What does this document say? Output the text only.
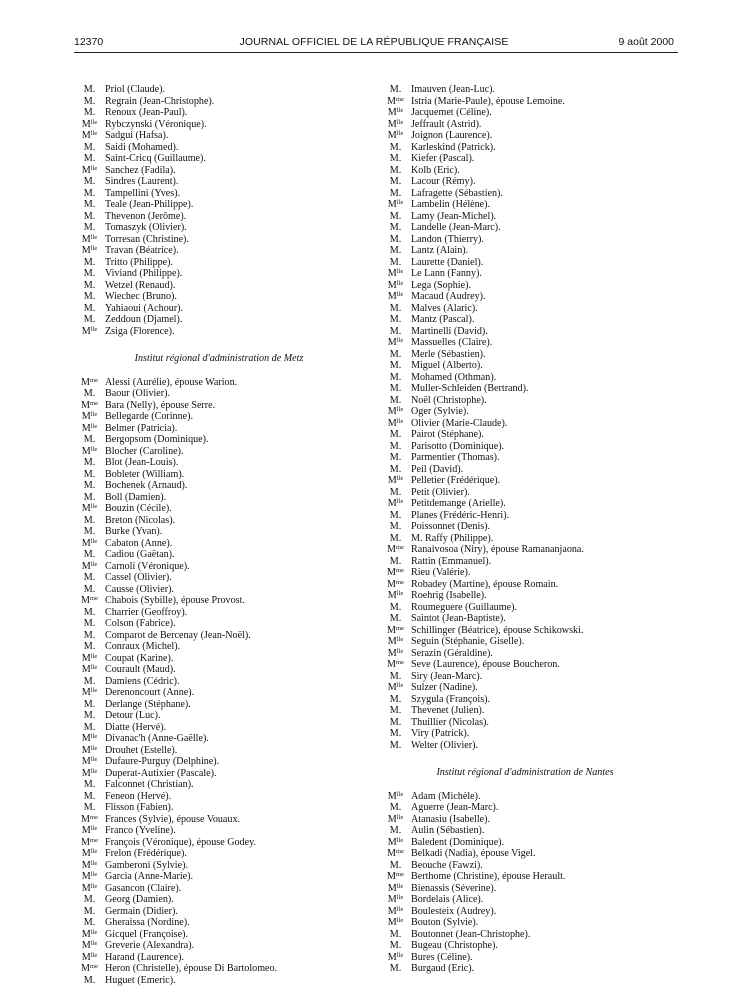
12370	JOURNAL OFFICIEL DE LA RÉPUBLIQUE FRANÇAISE	9 août 2000
M. Priol (Claude).
M. Regrain (Jean-Christophe).
M. Renoux (Jean-Paul).
$M^{lle}$ Rybczynski (Véronique).
$M^{lle}$ Sadgui (Hafsa).
M. Saidi (Mohamed).
M. Saint-Cricq (Guillaume).
$M^{lle}$ Sanchez (Fadila).
M. Sindres (Laurent).
M. Tampellini (Yves).
M. Teale (Jean-Philippe).
M. Thevenon (Jerôme).
M. Tomaszyk (Olivier).
$M^{lle}$ Torresan (Christine).
$M^{lle}$ Travan (Béatrice).
M. Tritto (Philippe).
M. Viviand (Philippe).
M. Wetzel (Renaud).
M. Wiechec (Bruno).
M. Yahiaoui (Achour).
M. Zeddoun (Djamel).
$M^{lle}$ Zsiga (Florence).
Institut régional d'administration de Metz
$M^{me}$ Alessi (Aurélie), épouse Warion.
M. Baour (Olivier).
$M^{me}$ Bara (Nelly), épouse Serre.
$M^{lle}$ Bellegarde (Corinne).
$M^{lle}$ Belmer (Patricia).
M. Bergopsom (Dominique).
$M^{lle}$ Blocher (Caroline).
M. Blot (Jean-Louis).
M. Bobleter (William).
M. Bochenek (Arnaud).
M. Boll (Damien).
$M^{lle}$ Bouzin (Cécile).
M. Breton (Nicolas).
M. Burke (Yvan).
$M^{lle}$ Cabaton (Anne).
M. Cadiou (Gaëtan).
$M^{lle}$ Carnoli (Véronique).
M. Cassel (Olivier).
M. Causse (Olivier).
$M^{me}$ Chabois (Sybille), épouse Provost.
M. Charrier (Geoffroy).
M. Colson (Fabrice).
M. Comparot de Bercenay (Jean-Noël).
M. Conraux (Michel).
$M^{lle}$ Coupat (Karine).
$M^{lle}$ Courault (Maud).
M. Damiens (Cédric).
$M^{lle}$ Derenoncourt (Anne).
M. Derlange (Stéphane).
M. Detour (Luc).
M. Diatte (Hervé).
$M^{lle}$ Divanac'h (Anne-Gaëlle).
$M^{lle}$ Drouhet (Estelle).
$M^{lle}$ Dufaure-Purguy (Delphine).
$M^{lle}$ Duperat-Autixier (Pascale).
M. Falconnet (Christian).
M. Feneon (Hervé).
M. Flisson (Fabien).
$M^{me}$ Frances (Sylvie), épouse Vouaux.
$M^{lle}$ Franco (Yveline).
$M^{me}$ François (Véronique), épouse Godey.
$M^{lle}$ Frelon (Frédérique).
$M^{lle}$ Gamberoni (Sylvie).
$M^{lle}$ Garcia (Anne-Marie).
$M^{lle}$ Gasancon (Claire).
M. Georg (Damien).
M. Germain (Didier).
M. Gheraissa (Nordine).
$M^{lle}$ Gicquel (Françoise).
$M^{lle}$ Greverie (Alexandra).
$M^{lle}$ Harand (Laurence).
$M^{me}$ Heron (Christelle), épouse Di Bartolomeo.
M. Huguet (Emeric).
M. Imauven (Jean-Luc).
$M^{me}$ Istria (Marie-Paule), épouse Lemoine.
$M^{lle}$ Jacquemet (Céline).
$M^{lle}$ Jeffrault (Astrid).
$M^{lle}$ Joignon (Laurence).
M. Karleskind (Patrick).
M. Kiefer (Pascal).
M. Kolb (Eric).
M. Lacour (Rémy).
M. Lafragette (Sébastien).
$M^{lle}$ Lambelin (Hélène).
M. Lamy (Jean-Michel).
M. Landelle (Jean-Marc).
M. Landon (Thierry).
M. Lantz (Alain).
M. Laurette (Daniel).
$M^{lle}$ Le Lann (Fanny).
$M^{lle}$ Lega (Sophie).
$M^{lle}$ Macaud (Audrey).
M. Malves (Alaric).
M. Mantz (Pascal).
M. Martinelli (David).
$M^{lle}$ Massuelles (Claire).
M. Merle (Sébastien).
M. Miguel (Alberto).
M. Mohamed (Othman).
M. Muller-Schleiden (Bertrand).
M. Noël (Christophe).
$M^{lle}$ Oger (Sylvie).
$M^{lle}$ Olivier (Marie-Claude).
M. Pairot (Stéphane).
M. Parisotto (Dominique).
M. Parmentier (Thomas).
M. Peil (David).
$M^{lle}$ Pelletier (Frédérique).
M. Petit (Olivier).
$M^{lle}$ Petitdemange (Arielle).
M. Planes (Frédéric-Henri).
M. Poissonnet (Denis).
M. M. Raffy (Philippe).
$M^{me}$ Ranaivosoa (Niry), épouse Ramananjaona.
M. Rattin (Emmanuel).
$M^{me}$ Rieu (Valérie).
$M^{me}$ Robadey (Martine), épouse Romain.
$M^{lle}$ Roehrig (Isabelle).
M. Roumeguere (Guillaume).
M. Saintot (Jean-Baptiste).
$M^{me}$ Schillinger (Béatrice), épouse Schikowski.
$M^{lle}$ Seguin (Stéphanie, Giselle).
$M^{lle}$ Serazin (Géraldine).
$M^{me}$ Seve (Laurence), épouse Boucheron.
M. Siry (Jean-Marc).
$M^{lle}$ Sulzer (Nadine).
M. Szygula (François).
M. Thevenet (Julien).
M. Thuillier (Nicolas).
M. Viry (Patrick).
M. Welter (Olivier).
Institut régional d'administration de Nantes
$M^{lle}$ Adam (Michèle).
M. Aguerre (Jean-Marc).
$M^{lle}$ Atanasiu (Isabelle).
M. Aulin (Sébastien).
$M^{lle}$ Baledent (Dominique).
$M^{me}$ Belkadi (Nadia), épouse Vigel.
M. Beouche (Fawzi).
$M^{me}$ Berthome (Christine), épouse Herault.
$M^{lle}$ Bienassis (Séverine).
$M^{lle}$ Bordelais (Alice).
$M^{lle}$ Boulesteix (Audrey).
$M^{lle}$ Bouton (Sylvie).
M. Boutonnet (Jean-Christophe).
M. Bugeau (Christophe).
$M^{lle}$ Bures (Céline).
M. Burgaud (Eric).
